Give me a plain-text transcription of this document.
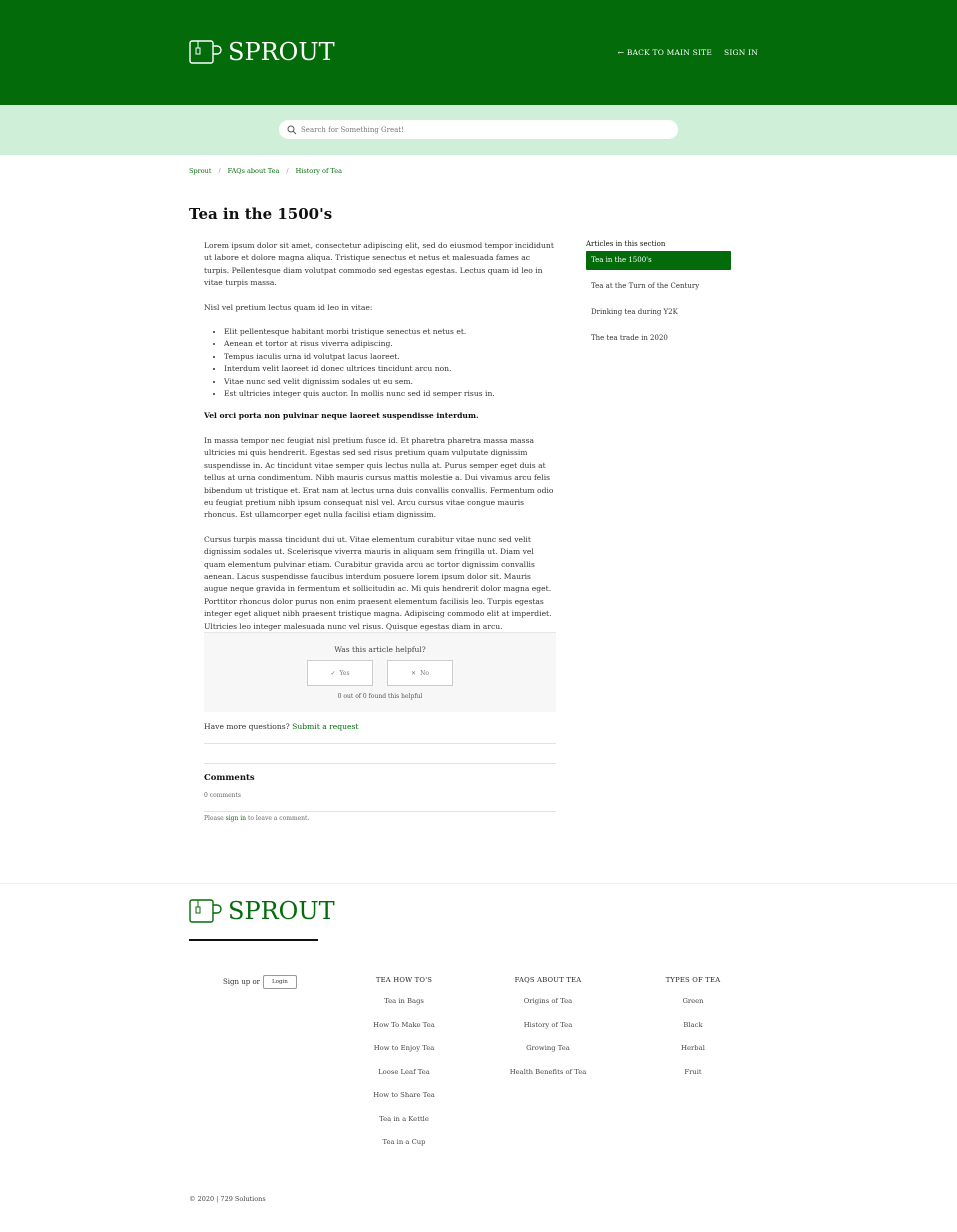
SPROUT	← BACK TO MAIN SITE SIGN IN
Search for Something Great!
Sprout / FAQs about Tea / History of Tea
Tea in the 1500's

Lorem ipsum dolor sit amet, consectetur adipiscing elit, sed do eiusmod tempor incididunt ut labore et dolore magna aliqua. Tristique senectus et netus et malesuada fames ac turpis. Pellentesque diam volutpat commodo sed egestas egestas. Lectus quam id leo in vitae turpis massa.

Nisl vel pretium lectus quam id leo in vitae:

• Elit pellentesque habitant morbi tristique senectus et netus et.
• Aenean et tortor at risus viverra adipiscing.
• Tempus iaculis urna id volutpat lacus laoreet.
• Interdum velit laoreet id donec ultrices tincidunt arcu non.
• Vitae nunc sed velit dignissim sodales ut eu sem.
• Est ultricies integer quis auctor. In mollis nunc sed id semper risus in.

Vel orci porta non pulvinar neque laoreet suspendisse interdum.

In massa tempor nec feugiat nisl pretium fusce id. Et pharetra pharetra massa massa ultricies mi quis hendrerit. Egestas sed sed risus pretium quam vulputate dignissim suspendisse in. Ac tincidunt vitae semper quis lectus nulla at. Purus semper eget duis at tellus at urna condimentum. Nibh mauris cursus mattis molestie a. Dui vivamus arcu felis bibendum ut tristique et. Erat nam at lectus urna duis convallis convallis. Fermentum odio eu feugiat pretium nibh ipsum consequat nisl vel. Arcu cursus vitae congue mauris rhoncus. Est ullamcorper eget nulla facilisi etiam dignissim.

Cursus turpis massa tincidunt dui ut. Vitae elementum curabitur vitae nunc sed velit dignissim sodales ut. Scelerisque viverra mauris in aliquam sem fringilla ut. Diam vel quam elementum pulvinar etiam. Curabitur gravida arcu ac tortor dignissim convallis aenean. Lacus suspendisse faucibus interdum posuere lorem ipsum dolor sit. Mauris augue neque gravida in fermentum et sollicitudin ac. Mi quis hendrerit dolor magna eget. Porttitor rhoncus dolor purus non enim praesent elementum facilisis leo. Turpis egestas integer eget aliquet nibh praesent tristique magna. Adipiscing commodo elit at imperdiet. Ultricies leo integer malesuada nunc vel risus. Quisque egestas diam in arcu.

Articles in this section
Tea in the 1500's
Tea at the Turn of the Century
Drinking tea during Y2K
The tea trade in 2020
Was this article helpful?
✓ Yes	✕ No
0 out of 0 found this helpful
Have more questions? Submit a request
Comments
0 comments
Please sign in to leave a comment.
SPROUT
Sign up or	Login	TEA HOW TO'S
Tea in Bags
How To Make Tea
How to Enjoy Tea
Loose Leaf Tea
How to Share Tea
Tea in a Kettle
Tea in a Cup
FAQS ABOUT TEA
Origins of Tea
History of Tea
Growing Tea
Health Benefits of Tea
TYPES OF TEA
Green
Black
Herbal
Fruit
© 2020 | 729 Solutions
